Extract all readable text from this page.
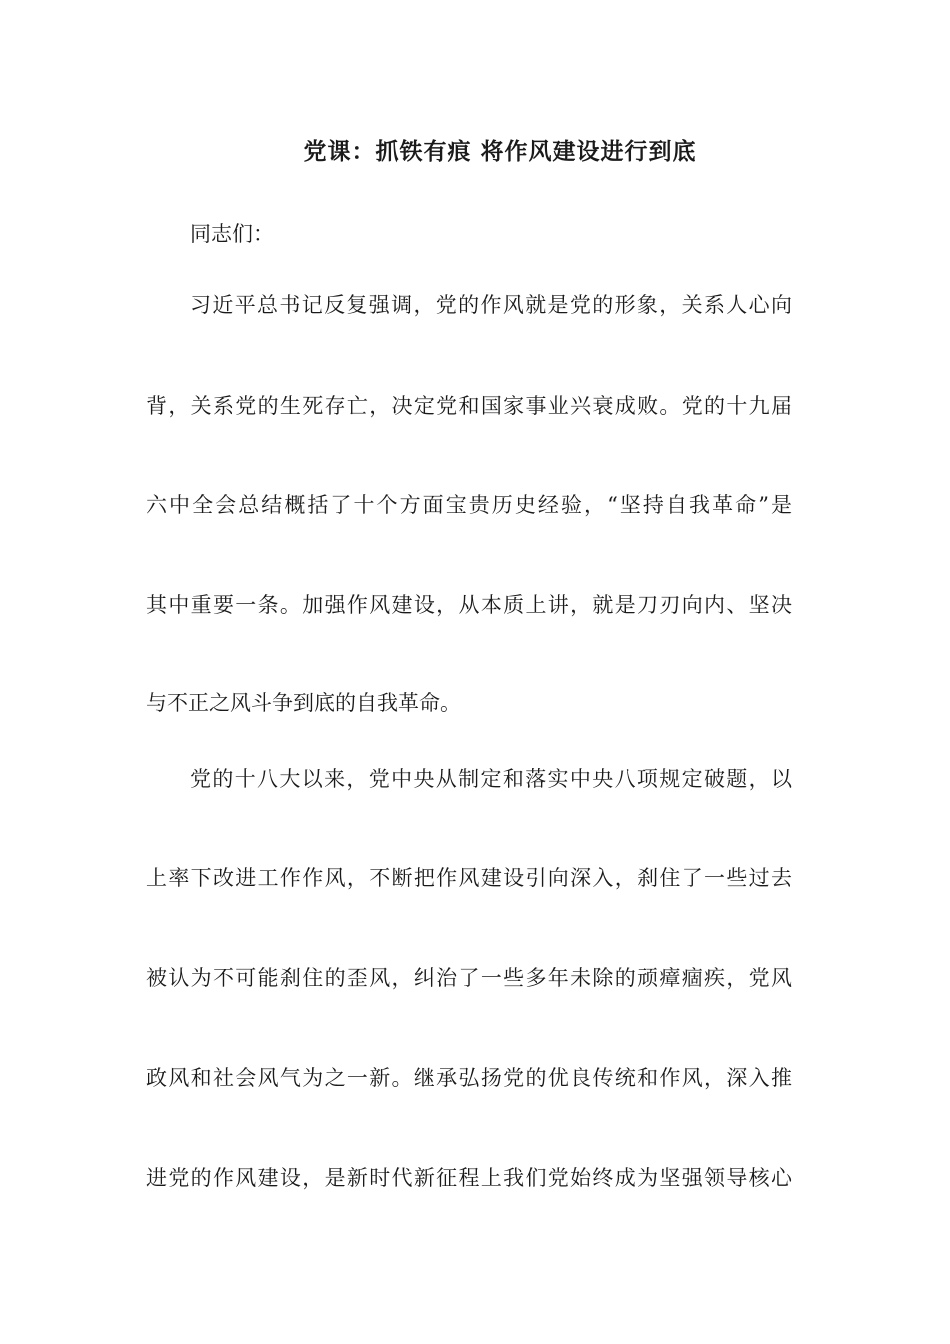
党课：抓铁有痕 将作风建设进行到底

同志们：

习近平总书记反复强调，党的作风就是党的形象，关系人心向

背，关系党的生死存亡，决定党和国家事业兴衰成败。党的十九届

六中全会总结概括了十个方面宝贵历史经验，“坚持自我革命”是

其中重要一条。加强作风建设，从本质上讲，就是刀刃向内、坚决

与不正之风斗争到底的自我革命。

党的十八大以来，党中央从制定和落实中央八项规定破题，以

上率下改进工作作风，不断把作风建设引向深入，刹住了一些过去

被认为不可能刹住的歪风，纠治了一些多年未除的顽瘴痼疾，党风

政风和社会风气为之一新。继承弘扬党的优良传统和作风，深入推

进党的作风建设，是新时代新征程上我们党始终成为坚强领导核心
